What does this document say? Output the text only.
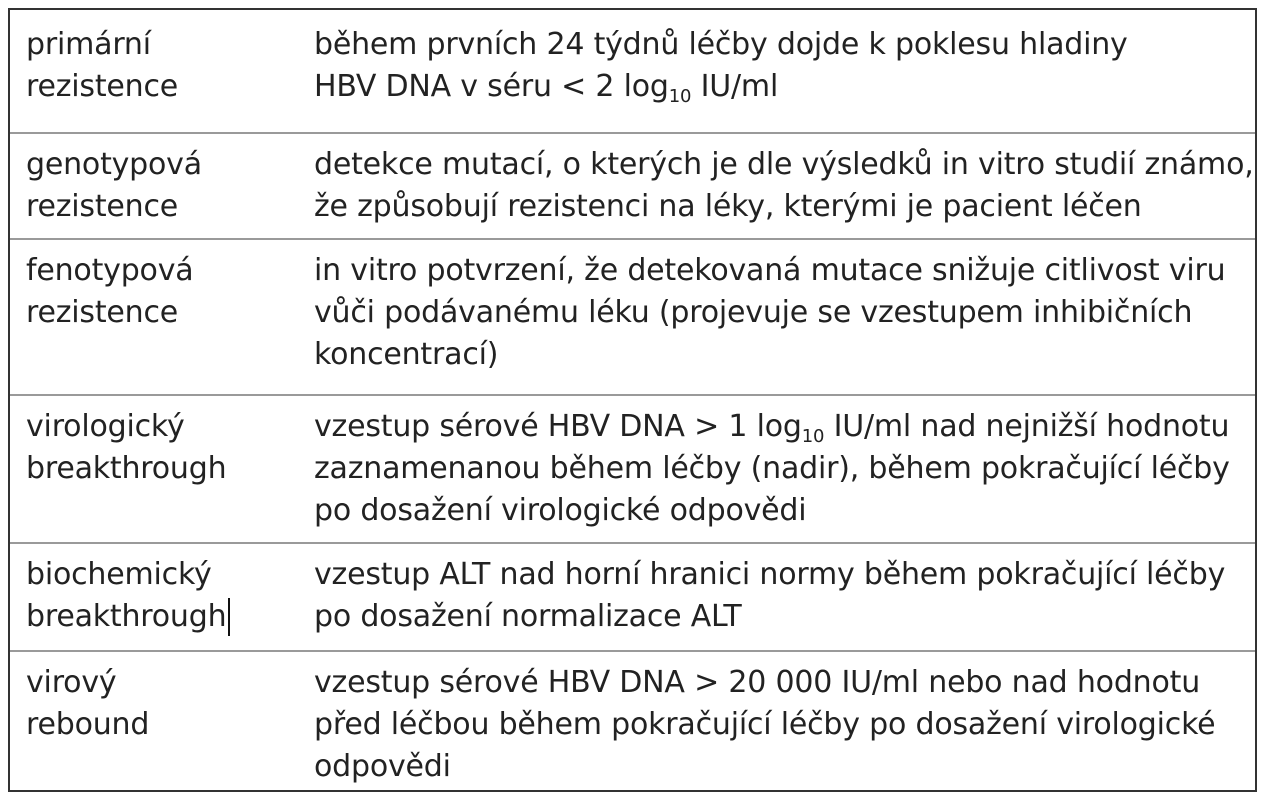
primární
rezistence
během prvních 24 týdnů léčby dojde k poklesu hladiny
HBV DNA v séru < 2 $\log_{10} IU/ml$
genotypová
rezistence
detekce mutací, o kterých je dle výsledků in vitro studií známo,
že způsobují rezistenci na léky, kterými je pacient léčen
fenotypová
rezistence
in vitro potvrzení, že detekovaná mutace snižuje citlivost viru
vůči podávanému léku (projevuje se vzestupem inhibičních
koncentrací)
virologický
breakthrough
vzestup sérové HBV DNA > 1 $\log_{10} IU/ml$ nad nejnižší hodnotu
zaznamenanou během léčby (nadir), během pokračující léčby
po dosažení virologické odpovědi
biochemický
breakthrough
vzestup ALT nad horní hranici normy během pokračující léčby
po dosažení normalizace ALT
virový
rebound
vzestup sérové HBV DNA > 20 000 IU/ml nebo nad hodnotu
před léčbou během pokračující léčby po dosažení virologické
odpovědi
